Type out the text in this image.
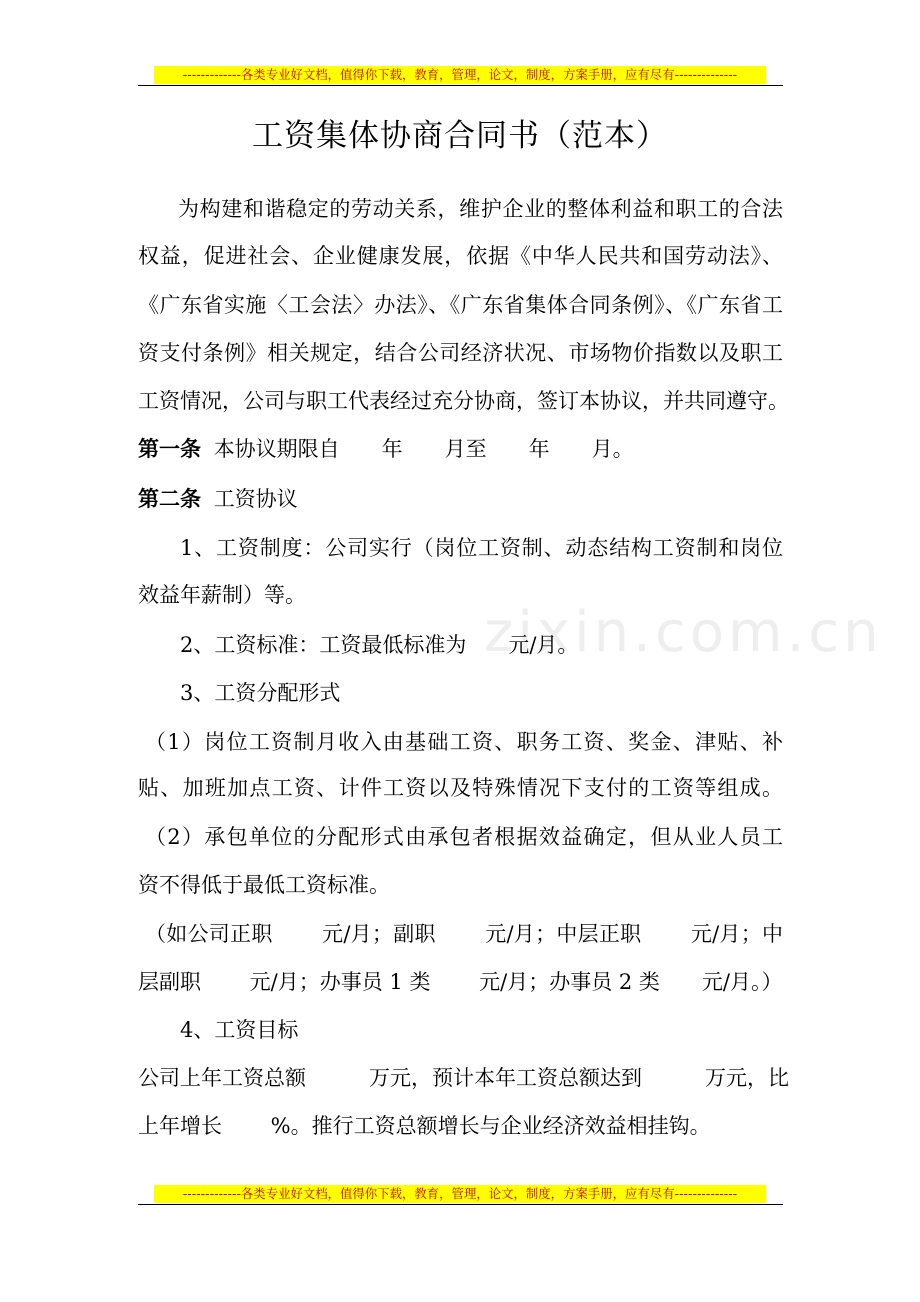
-------------各类专业好文档，值得你下载，教育，管理，论文，制度，方案手册，应有尽有--------------
工资集体协商合同书（范本）
zixin.com.cn
为构建和谐稳定的劳动关系，维护企业的整体利益和职工的合法
权益，促进社会、企业健康发展，依据《中华人民共和国劳动法》、
《广东省实施〈工会法〉办法》、《广东省集体合同条例》、《广东省工
资支付条例》相关规定，结合公司经济状况、市场物价指数以及职工
工资情况，公司与职工代表经过充分协商，签订本协议，并共同遵守。
第一条 本协议期限自　　年　　月至　　年　　月。
第二条 工资协议
1、工资制度：公司实行（岗位工资制、动态结构工资制和岗位
效益年薪制）等。
2、工资标准：工资最低标准为　　元/月。
3、工资分配形式
（1）岗位工资制月收入由基础工资、职务工资、奖金、津贴、补
贴、加班加点工资、计件工资以及特殊情况下支付的工资等组成。
（2）承包单位的分配形式由承包者根据效益确定，但从业人员工
资不得低于最低工资标准。
（如公司正职　　 元/月；副职　　 元/月；中层正职　　 元/月；中
层副职　　 元/月；办事员 1 类　　 元/月；办事员 2 类　　元/月。）
4、工资目标
公司上年工资总额　　　万元，预计本年工资总额达到　　　万元，比
上年增长　　 %。推行工资总额增长与企业经济效益相挂钩。
-------------各类专业好文档，值得你下载，教育，管理，论文，制度，方案手册，应有尽有--------------
